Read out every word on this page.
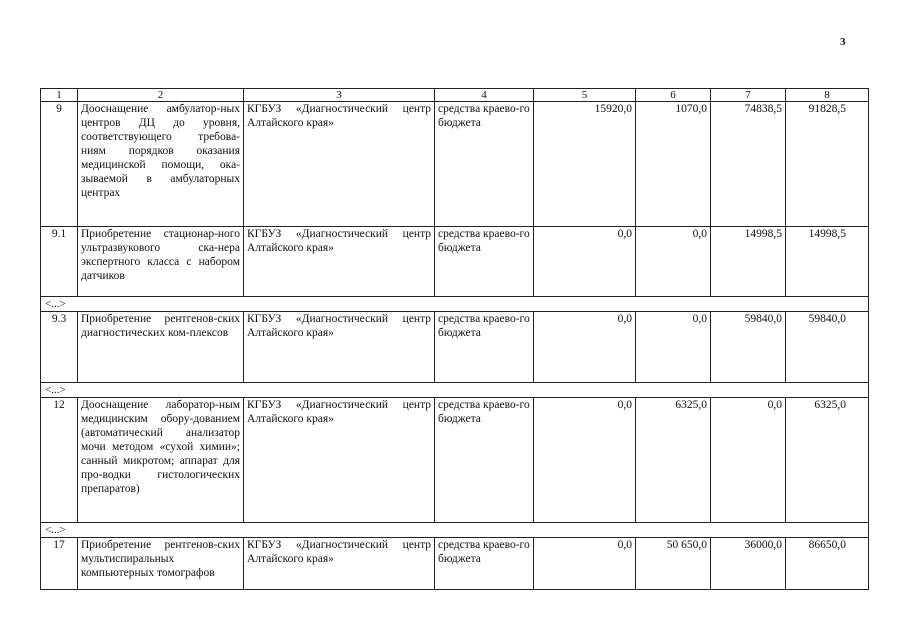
3
1	2	3	4	5	6	7	8
9	Дооснащение амбулатор-ных центров ДЦ до уровня, соответствующего требова-ниям порядков оказания медицинской помощи, ока-зываемой в амбулаторных центрах	КГБУЗ «Диагностический центр Алтайского края»	средства краево-го бюджета	15920,0	1070,0	74838,5	91828,5
9.1	Приобретение стационар-ного ультразвукового ска-нера экспертного класса с набором датчиков	КГБУЗ «Диагностический центр Алтайского края»	средства краево-го бюджета	0,0	0,0	14998,5	14998,5
<...>							
9.3	Приобретение рентгенов-ских диагностических ком-плексов	КГБУЗ «Диагностический центр Алтайского края»	средства краево-го бюджета	0,0	0,0	59840,0	59840,0
<...>							
12	Дооснащение лаборатор-ным медицинским обору-дованием (автоматический анализатор мочи методом «сухой химии»; санный микротом; аппарат для про-водки гистологических препаратов)	КГБУЗ «Диагностический центр Алтайского края»	средства краево-го бюджета	0,0	6325,0	0,0	6325,0
<...>							
17	Приобретение рентгенов-ских мультиспиральных компьютерных томографов	КГБУЗ «Диагностический центр Алтайского края»	средства краево-го бюджета	0,0	50 650,0	36000,0	86650,0
